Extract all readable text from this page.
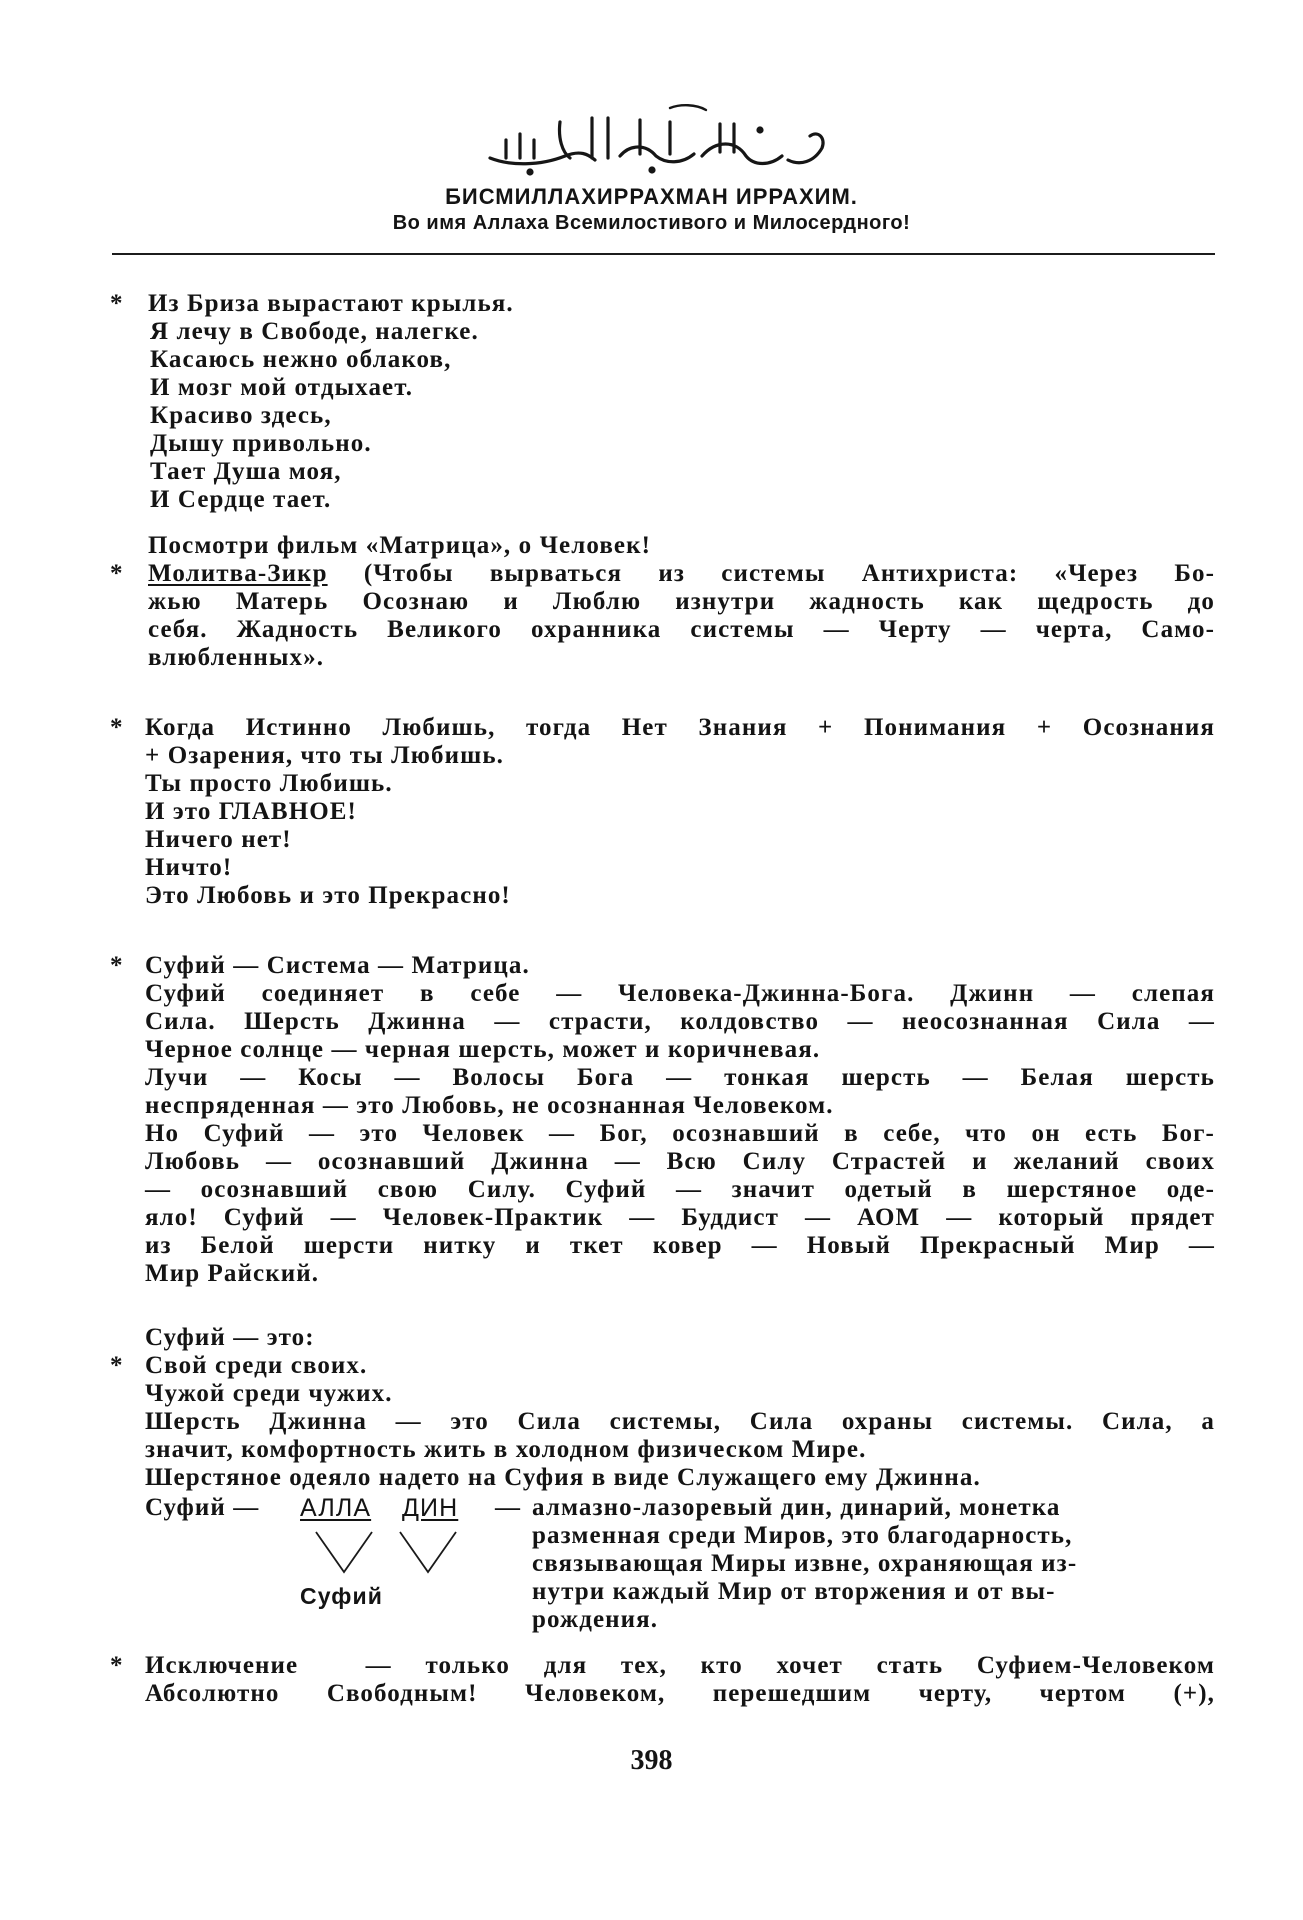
БИСМИЛЛАХИРРАХМАН ИРРАХИМ.
Во имя Аллаха Всемилостивого и Милосердного!
* Из Бриза вырастают крылья.
Я лечу в Свободе, налегке.
Касаюсь нежно облаков,
И мозг мой отдыхает.
Красиво здесь,
Дышу привольно.
Тает Душа моя,
И Сердце тает.
Посмотри фильм «Матрица», о Человек!
* Молитва-Зикр (Чтобы вырваться из системы Антихриста: «Через Бо-
жью Матерь Осознаю и Люблю изнутри жадность как щедрость до
себя. Жадность Великого охранника системы — Черту — черта, Само-
влюбленных».
* Когда Истинно Любишь, тогда Нет Знания + Понимания + Осознания
+ Озарения, что ты Любишь.
Ты просто Любишь.
И это ГЛАВНОЕ!
Ничего нет!
Ничто!
Это Любовь и это Прекрасно!
* Суфий — Система — Матрица.
Суфий соединяет в себе — Человека-Джинна-Бога. Джинн — слепая
Сила. Шерсть Джинна — страсти, колдовство — неосознанная Сила —
Черное солнце — черная шерсть, может и коричневая.
Лучи — Косы — Волосы Бога — тонкая шерсть — Белая шерсть
неспряденная — это Любовь, не осознанная Человеком.
Но Суфий — это Человек — Бог, осознавший в себе, что он есть Бог-
Любовь — осознавший Джинна — Всю Силу Страстей и желаний своих
— осознавший свою Силу. Суфий — значит одетый в шерстяное оде-
яло! Суфий — Человек-Практик — Буддист — АОМ — который прядет
из Белой шерсти нитку и ткет ковер — Новый Прекрасный Мир —
Мир Райский.
Суфий — это:
* Свой среди своих.
Чужой среди чужих.
Шерсть Джинна — это Сила системы, Сила охраны системы. Сила, а
значит, комфортность жить в холодном физическом Мире.
Шерстяное одеяло надето на Суфия в виде Служащего ему Джинна.
Суфий — АЛЛА ДИН — алмазно-лазоревый дин, динарий, монетка
разменная среди Миров, это благодарность,
связывающая Миры извне, охраняющая из-
нутри каждый Мир от вторжения и от вы-
рождения.
Суфий
* Исключение  — только для тех, кто хочет стать Суфием-Человеком
Абсолютно Свободным! Человеком, перешедшим черту, чертом (+),
398
